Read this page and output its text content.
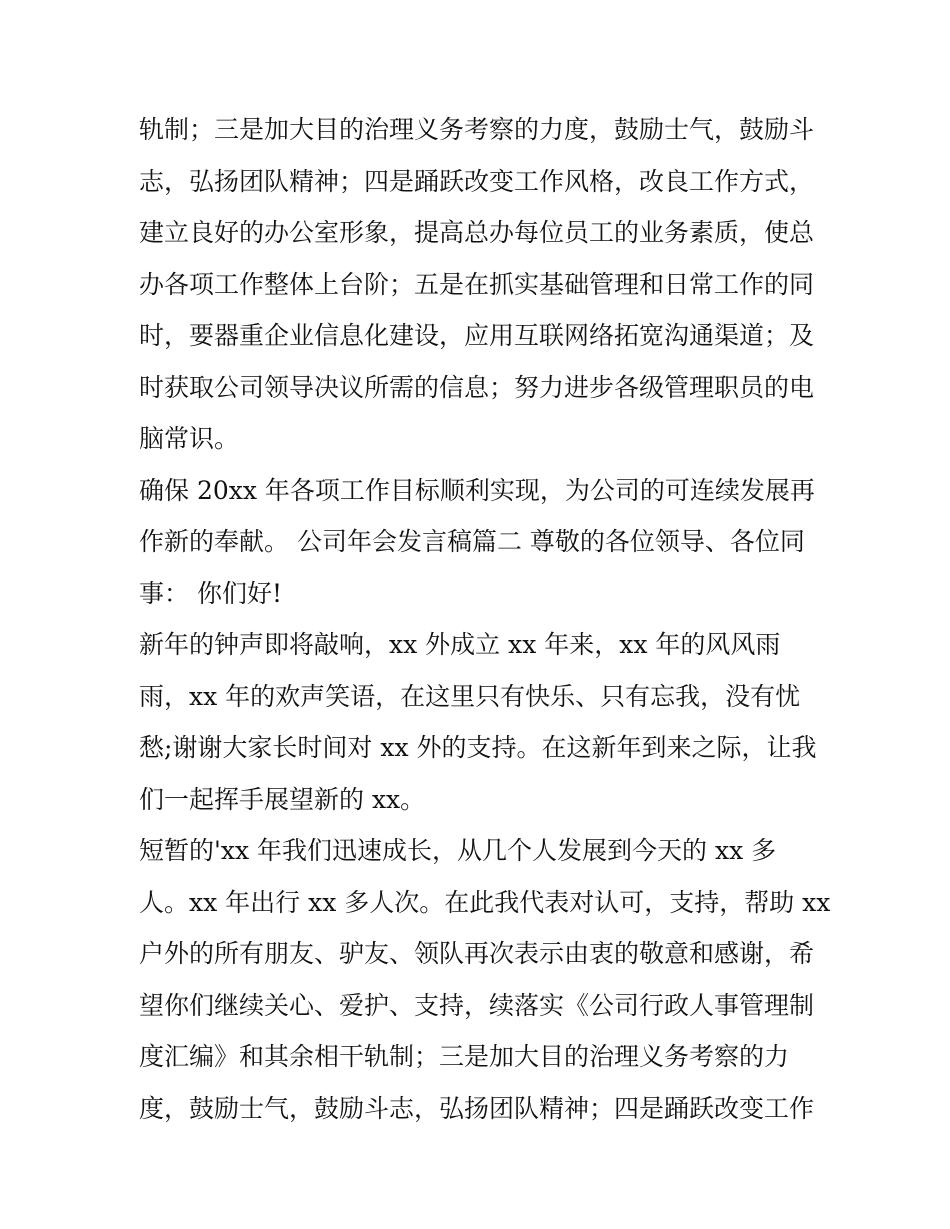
轨制；三是加大目的治理义务考察的力度，鼓励士气，鼓励斗
志，弘扬团队精神；四是踊跃改变工作风格，改良工作方式，
建立良好的办公室形象，提高总办每位员工的业务素质，使总
办各项工作整体上台阶；五是在抓实基础管理和日常工作的同
时，要器重企业信息化建设，应用互联网络拓宽沟通渠道；及
时获取公司领导决议所需的信息；努力进步各级管理职员的电
脑常识。
确保 20xx 年各项工作目标顺利实现，为公司的可连续发展再
作新的奉献。 公司年会发言稿篇二 尊敬的各位领导、各位同
事： 你们好!
新年的钟声即将敲响，xx 外成立 xx 年来，xx 年的风风雨
雨，xx 年的欢声笑语，在这里只有快乐、只有忘我，没有忧
愁;谢谢大家长时间对 xx 外的支持。在这新年到来之际，让我
们一起挥手展望新的 xx。
短暂的'xx 年我们迅速成长，从几个人发展到今天的 xx 多
人。xx 年出行 xx 多人次。在此我代表对认可，支持，帮助 xx
户外的所有朋友、驴友、领队再次表示由衷的敬意和感谢，希
望你们继续关心、爱护、支持，续落实《公司行政人事管理制
度汇编》和其余相干轨制；三是加大目的治理义务考察的力
度，鼓励士气，鼓励斗志，弘扬团队精神；四是踊跃改变工作
